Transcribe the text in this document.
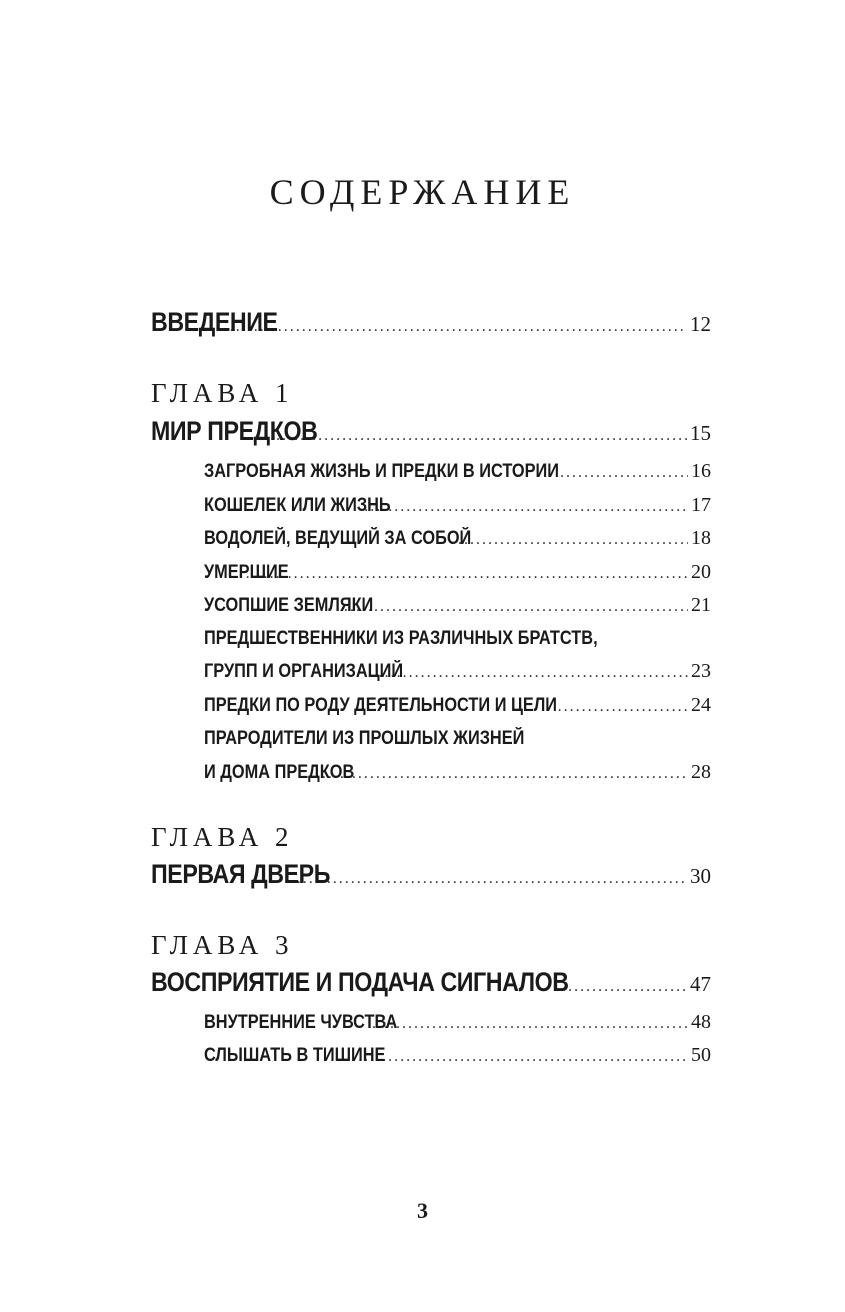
СОДЕРЖАНИЕ
ВВЕДЕНИЕ . . .	12
ГЛАВА 1
МИР ПРЕДКОВ . . .	15
ЗАГРОБНАЯ ЖИЗНЬ И ПРЕДКИ В ИСТОРИИ . . .	16
КОШЕЛЕК ИЛИ ЖИЗНЬ . . .	17
ВОДОЛЕЙ, ВЕДУЩИЙ ЗА СОБОЙ . . .	18
УМЕРШИЕ . . .	20
УСОПШИЕ ЗЕМЛЯКИ . . .	21
ПРЕДШЕСТВЕННИКИ ИЗ РАЗЛИЧНЫХ БРАТСТВ,
ГРУПП И ОРГАНИЗАЦИЙ . . .	23
ПРЕДКИ ПО РОДУ ДЕЯТЕЛЬНОСТИ И ЦЕЛИ . . .	24
ПРАРОДИТЕЛИ ИЗ ПРОШЛЫХ ЖИЗНЕЙ
И ДОМА ПРЕДКОВ . . .	28
ГЛАВА 2
ПЕРВАЯ ДВЕРЬ . . .	30
ГЛАВА 3
ВОСПРИЯТИЕ И ПОДАЧА СИГНАЛОВ . . .	47
ВНУТРЕННИЕ ЧУВСТВА . . .	48
СЛЫШАТЬ В ТИШИНЕ . . .	50
3
